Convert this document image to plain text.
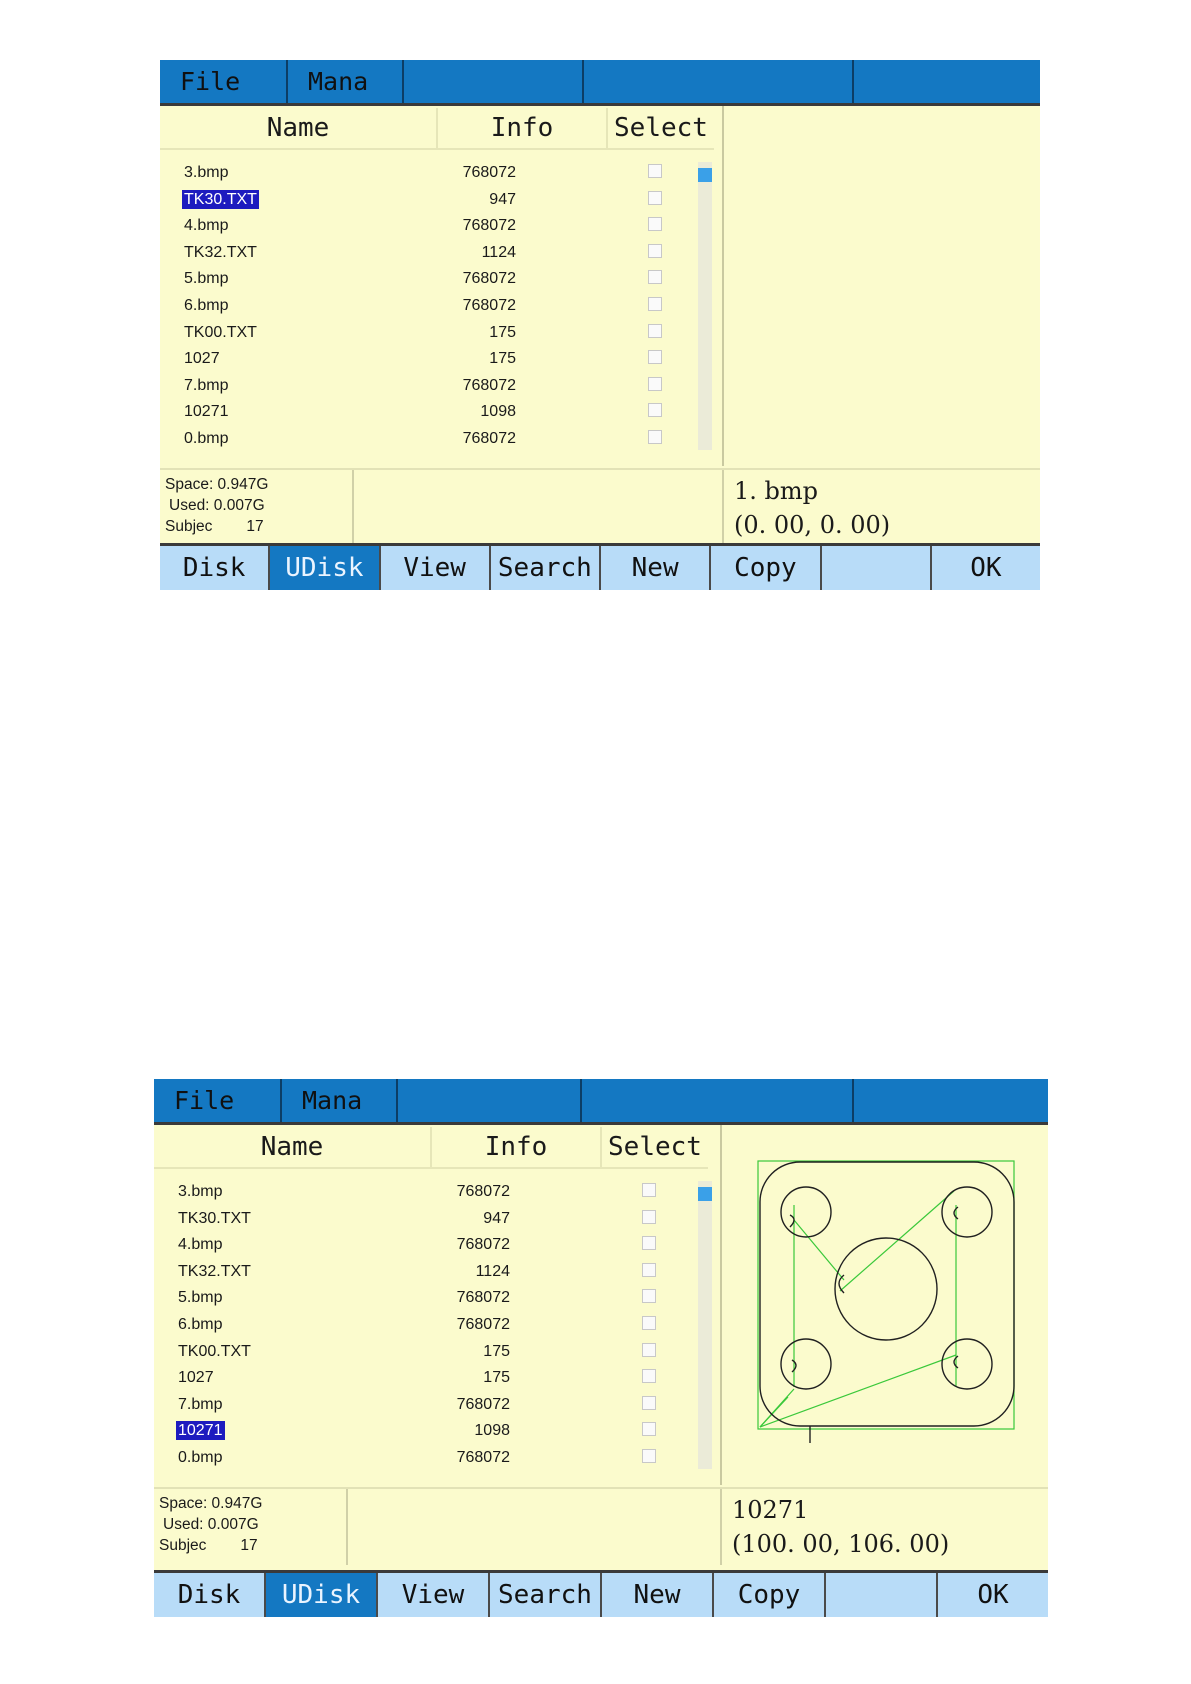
File	Mana
Name	Info	Select
3.bmp	768072
TK30.TXT	947
4.bmp	768072
TK32.TXT	1124
5.bmp	768072
6.bmp	768072
TK00.TXT	175
1027	175
7.bmp	768072
10271	1098
0.bmp	768072
Space: 0.947G
Used: 0.007G
Subjec 17
1. bmp
(0. 00, 0. 00)
Disk	UDisk	View	Search	New	Copy	OK
File	Mana
Name	Info	Select
3.bmp	768072
TK30.TXT	947
4.bmp	768072
TK32.TXT	1124
5.bmp	768072
6.bmp	768072
TK00.TXT	175
1027	175
7.bmp	768072
10271	1098
0.bmp	768072
Space: 0.947G
Used: 0.007G
Subjec 17
10271
(100. 00, 106. 00)
Disk	UDisk	View	Search	New	Copy	OK
